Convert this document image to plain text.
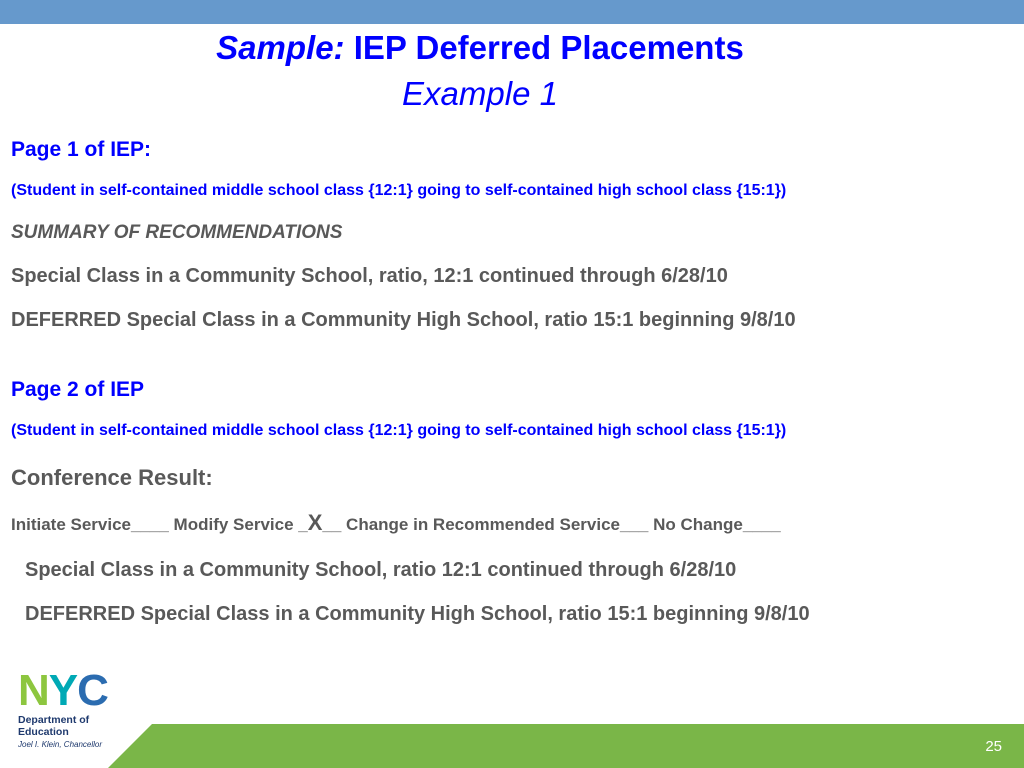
Sample: IEP Deferred Placements
Example 1
Page 1 of IEP:
(Student in self-contained middle school class {12:1} going to self-contained high school class {15:1})
SUMMARY OF RECOMMENDATIONS
Special Class in a Community School, ratio, 12:1 continued through 6/28/10
DEFERRED Special Class in a Community High School, ratio 15:1 beginning 9/8/10
Page 2 of IEP
(Student in self-contained middle school class {12:1} going to self-contained high school class {15:1})
Conference Result:
Initiate Service____ Modify Service _X__ Change in Recommended Service___ No Change____
Special Class in a Community School, ratio 12:1 continued through 6/28/10
DEFERRED Special Class in a Community High School, ratio 15:1 beginning 9/8/10
N Y C
Department of
Education
Joel I. Klein, Chancellor	25
